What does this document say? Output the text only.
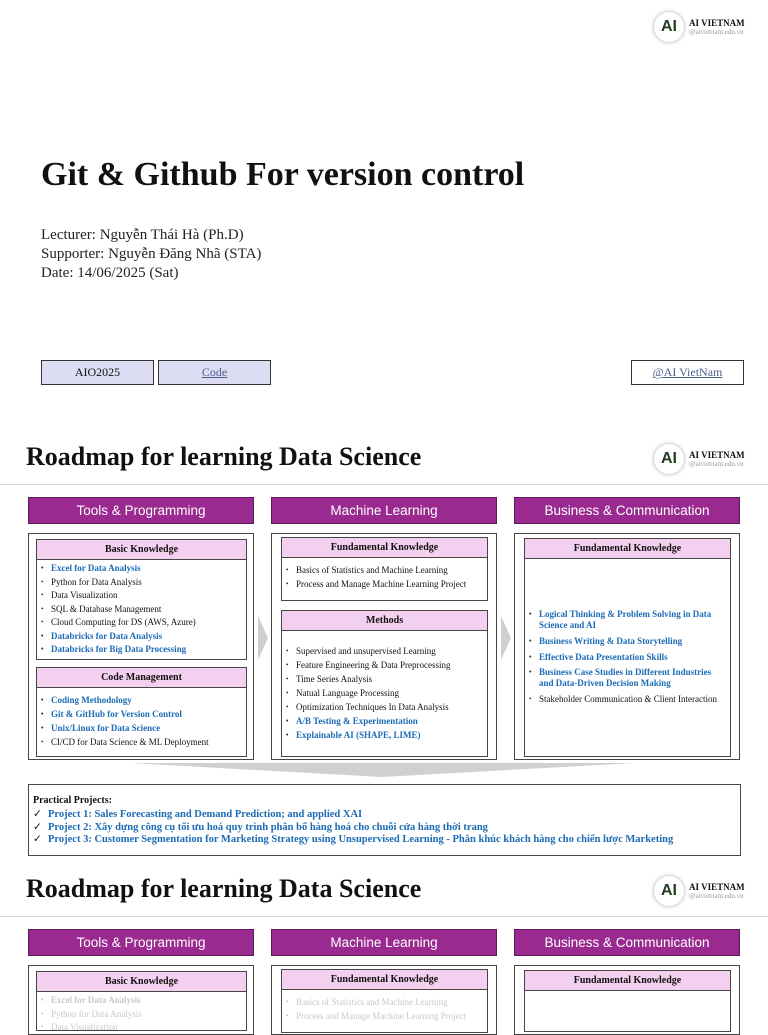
AI	AI VIETNAM
@aivietnam.edu.vn
Git & Github For version control
Lecturer: Nguyễn Thái Hà (Ph.D)
Supporter: Nguyễn Đăng Nhã (STA)
Date: 14/06/2025 (Sat)
AIO2025	Code	@AI VietNam
Roadmap for learning Data Science	AI	AI VIETNAM
@aivietnam.edu.vn
Tools & Programming	Machine Learning	Business & Communication
Basic Knowledge
• Excel for Data Analysis
• Python for Data Analysis
• Data Visualization
• SQL & Database Management
• Cloud Computing for DS (AWS, Azure)
• Databricks for Data Analysis
• Databricks for Big Data Processing
Code Management
• Coding Methodology
• Git & GitHub for Version Control
• Unix/Linux for Data Science
• CI/CD for Data Science & ML Deployment
Fundamental Knowledge
• Basics of Statistics and Machine Learning
• Process and Manage Machine Learning Project
Methods
• Supervised and unsupervised Learning
• Feature Engineering & Data Preprocessing
• Time Series Analysis
• Natual Language Processing
• Optimization Techniques In Data Analysis
• A/B Testing & Experimentation
• Explainable AI (SHAPE, LIME)
Fundamental Knowledge
• Logical Thinking & Problem Solving in Data Science and AI
• Business Writing & Data Storytelling
• Effective Data Presentation Skills
• Business Case Studies in Different Industries and Data-Driven Decision Making
• Stakeholder Communication & Client Interaction
Practical Projects:
✓ Project 1: Sales Forecasting and Demand Prediction; and applied XAI
✓ Project 2: Xây dựng công cụ tối ưu hoá quy trình phân bổ hàng hoá cho chuỗi cửa hàng thời trang
✓ Project 3: Customer Segmentation for Marketing Strategy using Unsupervised Learning - Phân khúc khách hàng cho chiến lược Marketing
Roadmap for learning Data Science	AI	AI VIETNAM
@aivietnam.edu.vn
Tools & Programming	Machine Learning	Business & Communication
Basic Knowledge
• Excel for Data Analysis
• Python for Data Analysis
• Data Visualization
Fundamental Knowledge
• Basics of Statistics and Machine Learning
• Process and Manage Machine Learning Project
Fundamental Knowledge
